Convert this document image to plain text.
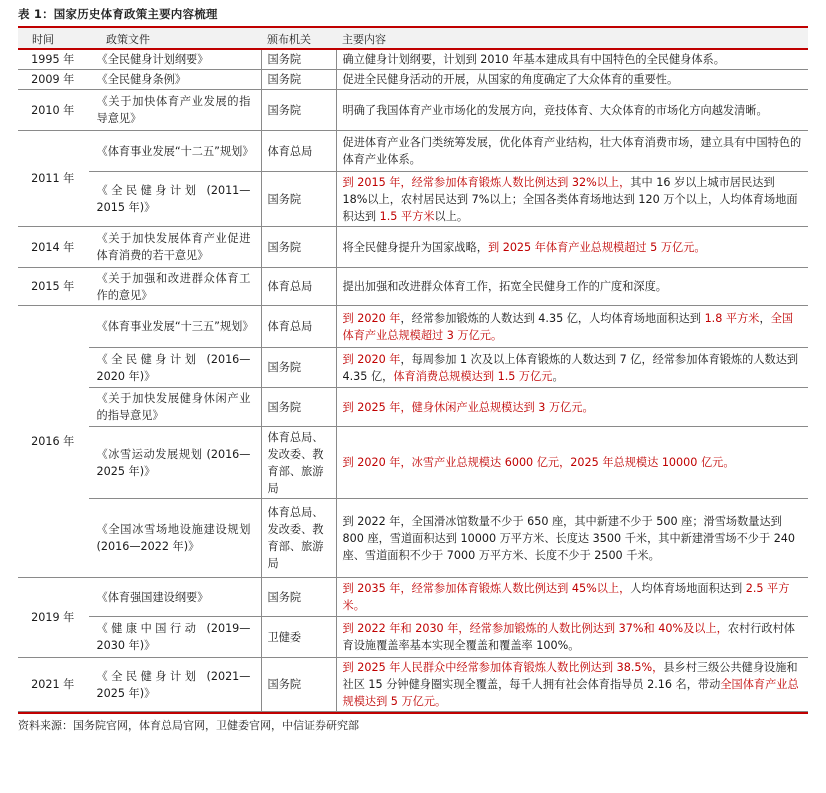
表 1：国家历史体育政策主要内容梳理
时间	政策文件	颁布机关	主要内容
1995 年	《全民健身计划纲要》	国务院	确立健身计划纲要，计划到 2010 年基本建成具有中国特色的全民健身体系。
2009 年	《全民健身条例》	国务院	促进全民健身活动的开展，从国家的角度确定了大众体育的重要性。
2010 年	《关于加快体育产业发展的指导意见》	国务院	明确了我国体育产业市场化的发展方向，竞技体育、大众体育的市场化方向越发清晰。
2011 年	《体育事业发展“十二五”规划》	体育总局	促进体育产业各门类统筹发展，优化体育产业结构，壮大体育消费市场，建立具有中国特色的体育产业体系。
	《全民健身计划 (2011—2015 年)》	国务院	到 2015 年，经常参加体育锻炼人数比例达到 32%以上，其中 16 岁以上城市居民达到 18%以上，农村居民达到 7%以上；全国各类体育场地达到 120 万个以上，人均体育场地面积达到 1.5 平方米以上。
2014 年	《关于加快发展体育产业促进体育消费的若干意见》	国务院	将全民健身提升为国家战略，到 2025 年体育产业总规模超过 5 万亿元。
2015 年	《关于加强和改进群众体育工作的意见》	体育总局	提出加强和改进群众体育工作，拓宽全民健身工作的广度和深度。
2016 年	《体育事业发展“十三五”规划》	体育总局	到 2020 年，经常参加锻炼的人数达到 4.35 亿，人均体育场地面积达到 1.8 平方米，全国体育产业总规模超过 3 万亿元。
	《全民健身计划 (2016—2020 年)》	国务院	到 2020 年，每周参加 1 次及以上体育锻炼的人数达到 7 亿，经常参加体育锻炼的人数达到 4.35 亿，体育消费总规模达到 1.5 万亿元。
	《关于加快发展健身休闲产业的指导意见》	国务院	到 2025 年，健身休闲产业总规模达到 3 万亿元。
	《冰雪运动发展规划 (2016—2025 年)》	体育总局、发改委、教育部、旅游局	到 2020 年，冰雪产业总规模达 6000 亿元，2025 年总规模达 10000 亿元。
	《全国冰雪场地设施建设规划 (2016—2022 年)》	体育总局、发改委、教育部、旅游局	到 2022 年，全国滑冰馆数量不少于 650 座，其中新建不少于 500 座；滑雪场数量达到 800 座，雪道面积达到 10000 万平方米、长度达 3500 千米，其中新建滑雪场不少于 240 座、雪道面积不少于 7000 万平方米、长度不少于 2500 千米。
2019 年	《体育强国建设纲要》	国务院	到 2035 年，经常参加体育锻炼人数比例达到 45%以上，人均体育场地面积达到 2.5 平方米。
	《健康中国行动 (2019—2030 年)》	卫健委	到 2022 年和 2030 年，经常参加锻炼的人数比例达到 37%和 40%及以上，农村行政村体育设施覆盖率基本实现全覆盖和覆盖率 100%。
2021 年	《全民健身计划 (2021—2025 年)》	国务院	到 2025 年人民群众中经常参加体育锻炼人数比例达到 38.5%，县乡村三级公共健身设施和社区 15 分钟健身圈实现全覆盖，每千人拥有社会体育指导员 2.16 名，带动全国体育产业总规模达到 5 万亿元。
资料来源：国务院官网，体育总局官网，卫健委官网，中信证券研究部
